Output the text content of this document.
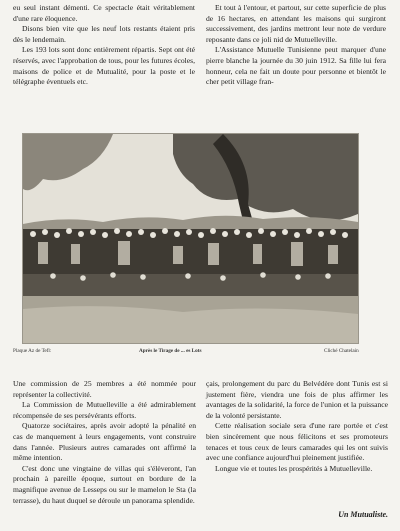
eu seul instant démenti. Ce spectacle était véritablement d'une rare éloquence.

Disons bien vite que les neuf lots restants étaient pris dès le lendemain.

Les 193 lots sont donc entièrement répartis. Sept ont été réservés, avec l'approbation de tous, pour les futures écoles, maisons de police et de Mutualité, pour la poste et le télégraphe éventuels etc.

Et tout à l'entour, et partout, sur cette superficie de plus de 16 hectares, en attendant les maisons qui surgiront successivement, des jardins mettront leur note de verdure reposante dans ce joli nid de Mutuelleville.

L'Assistance Mutuelle Tunisienne peut marquer d'une pierre blanche la journée du 30 juin 1912. Sa fille lui fera honneur, cela ne fait un doute pour personne et bientôt le cher petit village fran-

Plaque Az de Tefl:	Après le Tirage de ... es Lots	Cliché Chatelain

Une commission de 25 membres a été nommée pour représenter la collectivité.

La Commission de Mutuelleville a été admirablement récompensée de ses persévérants efforts.

Quatorze sociétaires, après avoir adopté la pénalité en cas de manquement à leurs engagements, vont construire dans l'année. Plusieurs autres camarades ont affirmé la même intention.

C'est donc une vingtaine de villas qui s'élèveront, l'an prochain à pareille époque, surtout en bordure de la magnifique avenue de Lesseps ou sur le mamelon le Sta (la terrasse), du haut duquel se déroule un panorama splendide.

çais, prolongement du parc du Belvédère dont Tunis est si justement fière, viendra une fois de plus affirmer les avantages de la solidarité, la force de l'union et la puissance de la volonté persistante.

Cette réalisation sociale sera d'une rare portée et c'est bien sincèrement que nous félicitons et ses promoteurs tenaces et tous ceux de leurs camarades qui les ont suivis avec une confiance aujourd'hui pleinement justifiée.

Longue vie et toutes les prospérités à Mutuelleville.

Un Mutualiste.
